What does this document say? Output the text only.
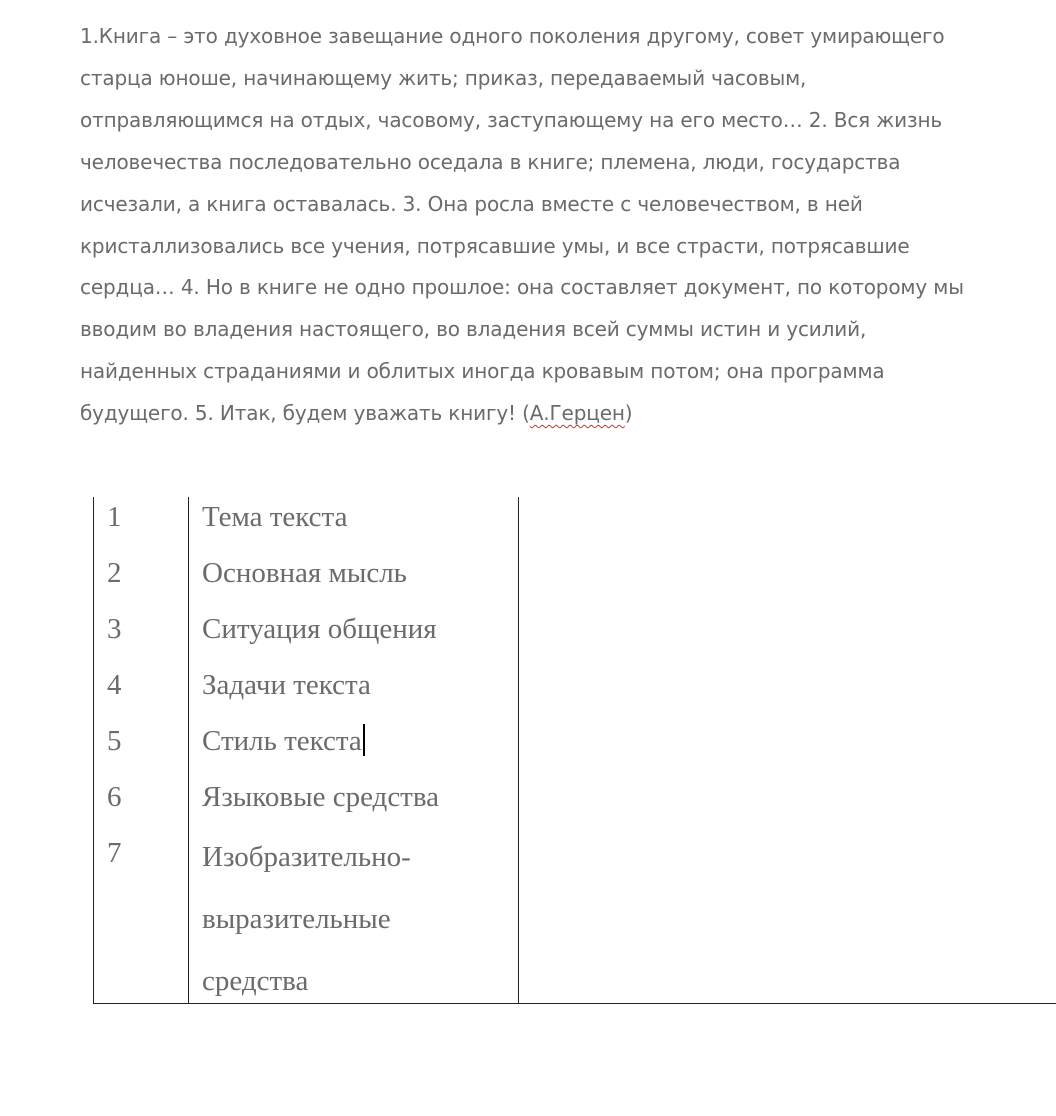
1.Книга – это духовное завещание одного поколения другому, совет умирающего
старца юноше, начинающему жить; приказ, передаваемый часовым,
отправляющимся на отдых, часовому, заступающему на его место… 2. Вся жизнь
человечества последовательно оседала в книге; племена, люди, государства
исчезали, а книга оставалась. 3. Она росла вместе с человечеством, в ней
кристаллизовались все учения, потрясавшие умы, и все страсти, потрясавшие
сердца… 4. Но в книге не одно прошлое: она составляет документ, по которому мы
вводим во владения настоящего, во владения всей суммы истин и усилий,
найденных страданиями и облитых иногда кровавым потом; она программа
будущего. 5. Итак, будем уважать книгу! (А.Герцен)
1	Тема текста
2	Основная мысль
3	Ситуация общения
4	Задачи текста
5	Стиль текста
6	Языковые средства
7	Изобразительно-
выразительные
средства
